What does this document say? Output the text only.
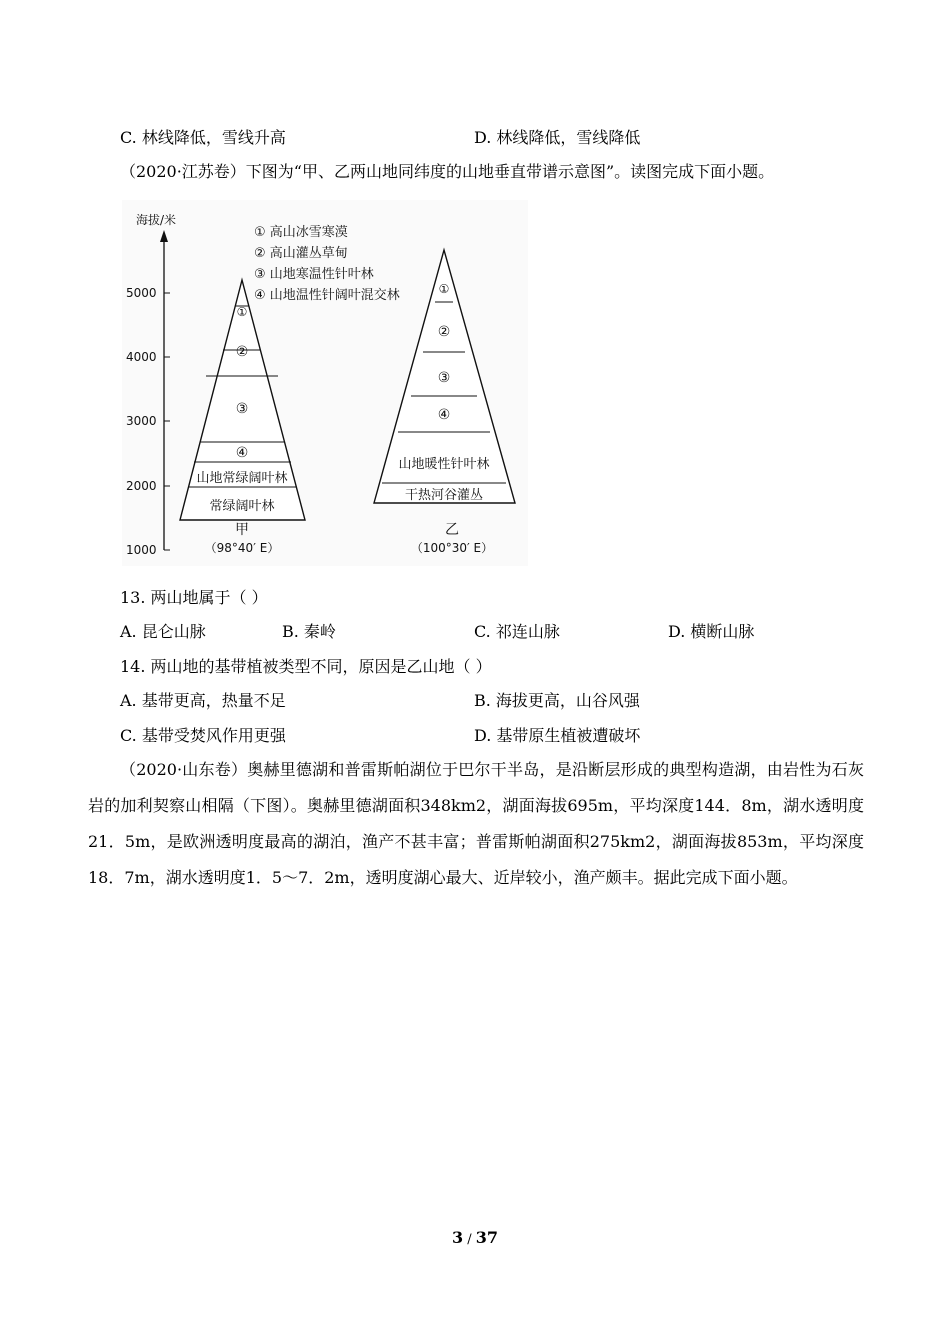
C. 林线降低，雪线升高	D. 林线降低，雪线降低
（2020·江苏卷）下图为“甲、乙两山地同纬度的山地垂直带谱示意图”。读图完成下面小题。
海拔/米
5000
4000
3000
2000
1000
① 高山冰雪寒漠
② 高山灌丛草甸
③ 山地寒温性针叶林
④ 山地温性针阔叶混交林
①
②
③
④
山地常绿阔叶林
常绿阔叶林
甲
（98°40′ E）
①
②
③
④
山地暖性针叶林
干热河谷灌丛
乙
（100°30′ E）
13. 两山地属于（ ）
A. 昆仑山脉	B. 秦岭	C. 祁连山脉	D. 横断山脉
14. 两山地的基带植被类型不同，原因是乙山地（ ）
A. 基带更高，热量不足	B. 海拔更高，山谷风强
C. 基带受焚风作用更强	D. 基带原生植被遭破坏
（2020·山东卷）奥赫里德湖和普雷斯帕湖位于巴尔干半岛，是沿断层形成的典型构造湖，由岩性为石灰岩的加利契察山相隔（下图）。奥赫里德湖面积348km2，湖面海拔695m，平均深度144．8m，湖水透明度21．5m，是欧洲透明度最高的湖泊，渔产不甚丰富；普雷斯帕湖面积275km2，湖面海拔853m，平均深度18．7m，湖水透明度1．5～7．2m，透明度湖心最大、近岸较小，渔产颇丰。据此完成下面小题。
3 / 37
